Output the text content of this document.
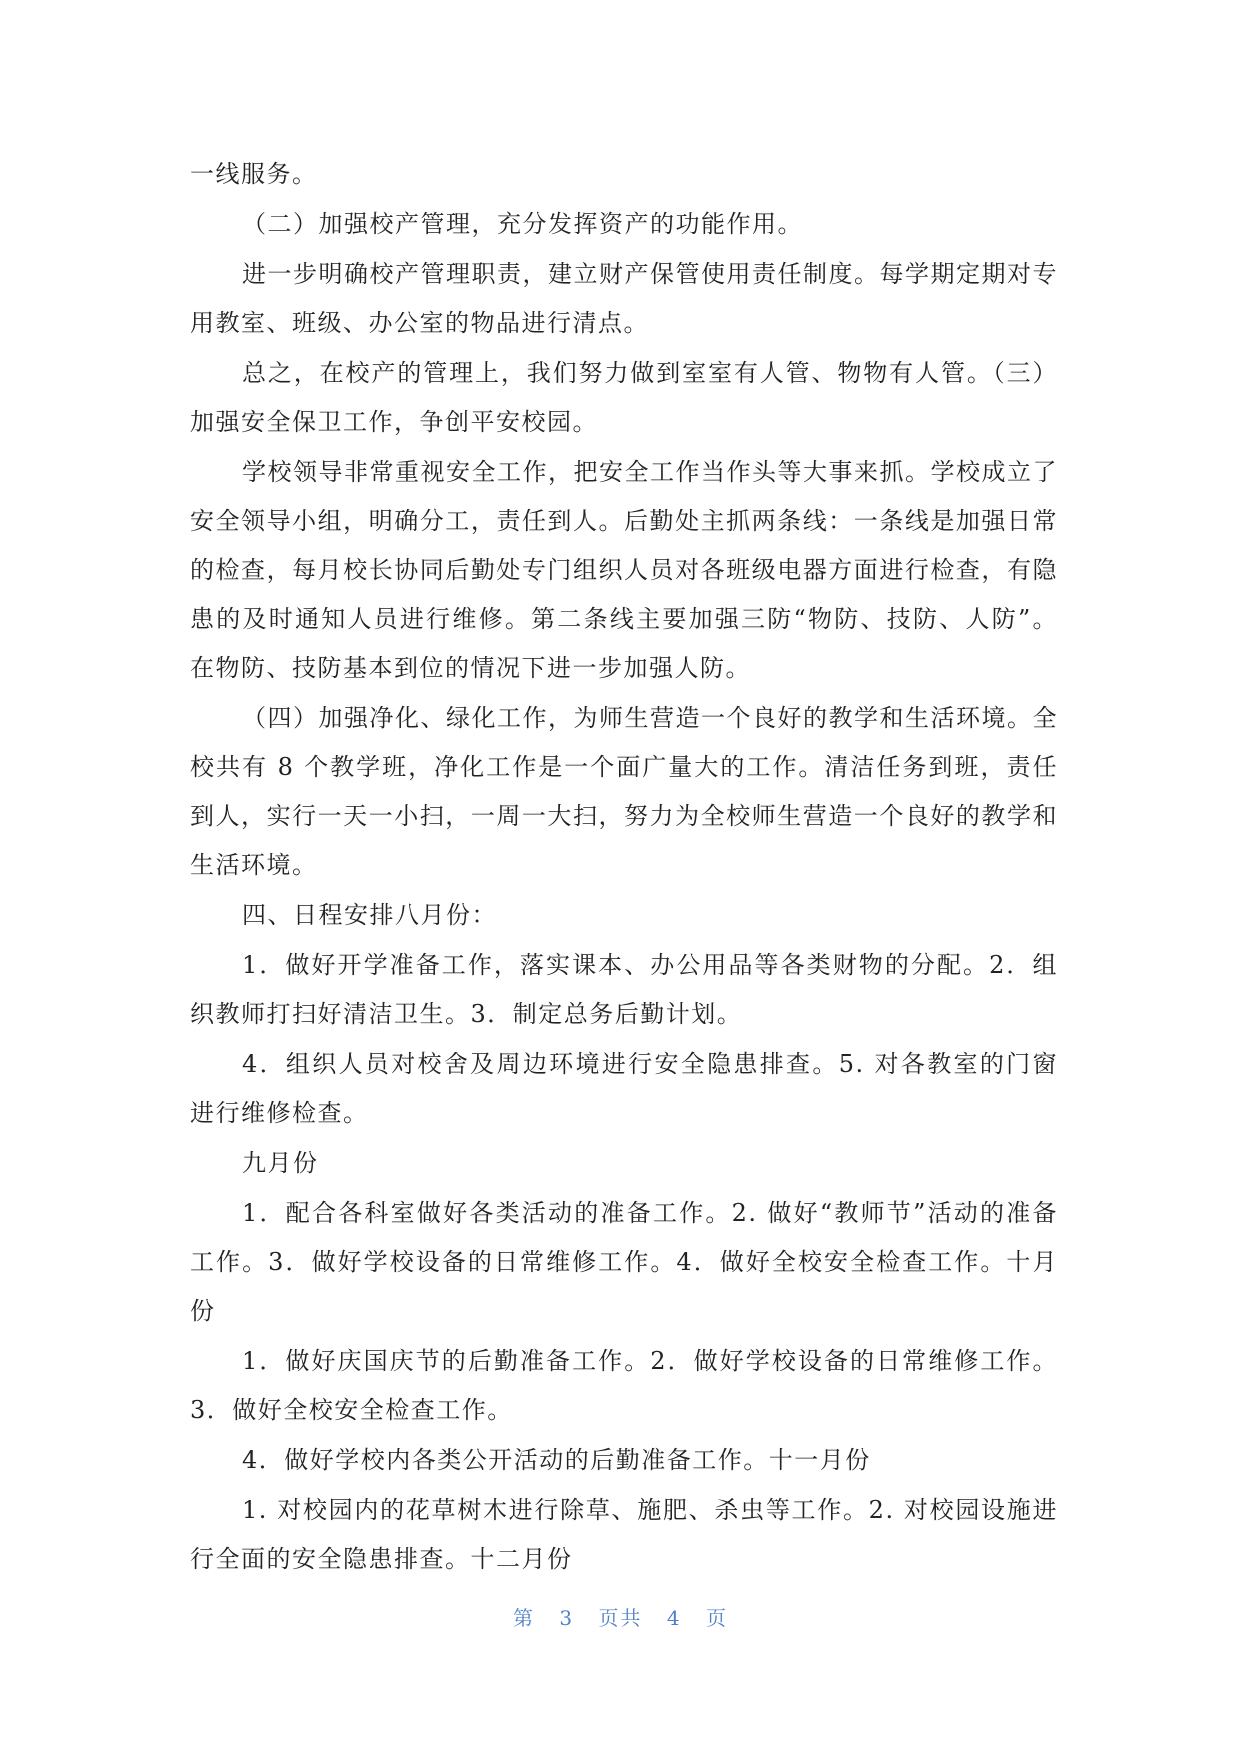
一线服务。

（二）加强校产管理，充分发挥资产的功能作用。

进一步明确校产管理职责，建立财产保管使用责任制度。每学期定期对专用教室、班级、办公室的物品进行清点。

总之，在校产的管理上，我们努力做到室室有人管、物物有人管。（三）加强安全保卫工作，争创平安校园。

学校领导非常重视安全工作，把安全工作当作头等大事来抓。学校成立了安全领导小组，明确分工，责任到人。后勤处主抓两条线：一条线是加强日常的检查，每月校长协同后勤处专门组织人员对各班级电器方面进行检查，有隐患的及时通知人员进行维修。第二条线主要加强三防“物防、技防、人防”。在物防、技防基本到位的情况下进一步加强人防。

（四）加强净化、绿化工作，为师生营造一个良好的教学和生活环境。全校共有 8 个教学班，净化工作是一个面广量大的工作。清洁任务到班，责任到人，实行一天一小扫，一周一大扫，努力为全校师生营造一个良好的教学和生活环境。

四、日程安排八月份：

1．做好开学准备工作，落实课本、办公用品等各类财物的分配。2．组织教师打扫好清洁卫生。3．制定总务后勤计划。

4．组织人员对校舍及周边环境进行安全隐患排查。5. 对各教室的门窗进行维修检查。

九月份

1．配合各科室做好各类活动的准备工作。2. 做好“教师节”活动的准备工作。3．做好学校设备的日常维修工作。4．做好全校安全检查工作。十月份

1．做好庆国庆节的后勤准备工作。2．做好学校设备的日常维修工作。3．做好全校安全检查工作。

4．做好学校内各类公开活动的后勤准备工作。十一月份

1. 对校园内的花草树木进行除草、施肥、杀虫等工作。2. 对校园设施进行全面的安全隐患排查。十二月份

第 3 页共 4 页
